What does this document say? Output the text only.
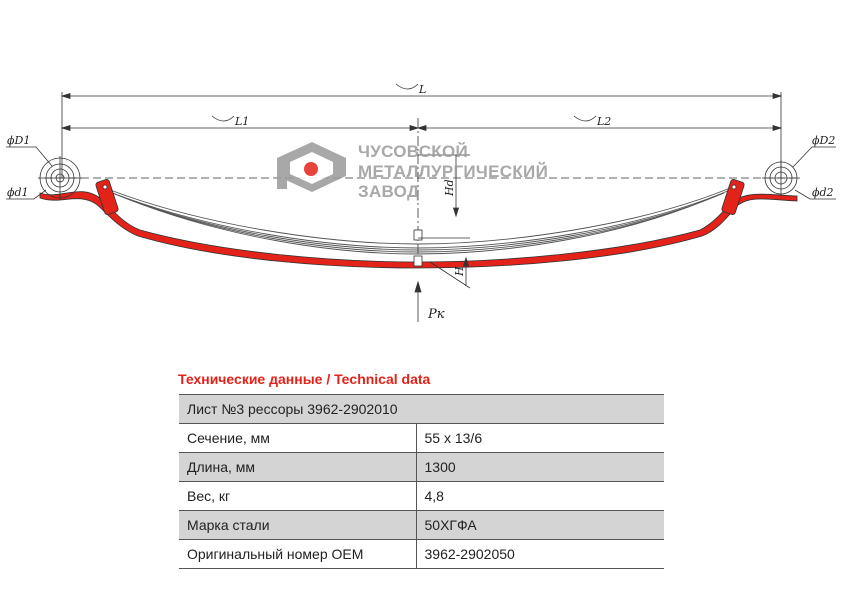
L
L1	L2
Hd
H
Pк
ϕD1
ϕd1
ϕD2
ϕd2
ЧУСОВСКОЙ
МЕТАЛЛУРГИЧЕСКИЙ
ЗАВОД
Технические данные / Technical data
Лист №3 рессоры 3962-2902010	
Сечение, мм	55 х 13/6
Длина, мм	1300
Вес, кг	4,8
Марка стали	50ХГФА
Оригинальный номер OEM	3962-2902050
